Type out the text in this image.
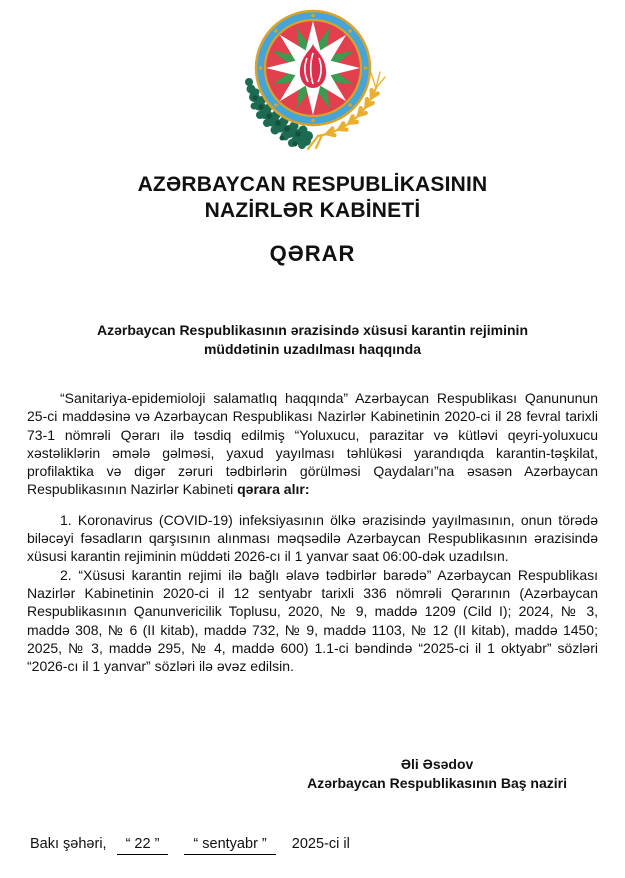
AZƏRBAYCAN RESPUBLİKASININ
NAZİRLƏR KABİNETİ
QƏRAR
Azərbaycan Respublikasının ərazisində xüsusi karantin rejiminin müddətinin uzadılması haqqında

“Sanitariya-epidemioloji salamatlıq haqqında” Azərbaycan Respublikası Qanununun 25-ci maddəsinə və Azərbaycan Respublikası Nazirlər Kabinetinin 2020-ci il 28 fevral tarixli 73-1 nömrəli Qərarı ilə təsdiq edilmiş “Yoluxucu, parazitar və kütləvi qeyri-yoluxucu xəstəliklərin əmələ gəlməsi, yaxud yayılması təhlükəsi yarandıqda karantin-təşkilat, profilaktika və digər zəruri tədbirlərin görülməsi Qaydaları”na əsasən Azərbaycan Respublikasının Nazirlər Kabineti qərara alır:

1. Koronavirus (COVID-19) infeksiyasının ölkə ərazisində yayılmasının, onun törədə biləcəyi fəsadların qarşısının alınması məqsədilə Azərbaycan Respublikasının ərazisində xüsusi karantin rejiminin müddəti 2026-cı il 1 yanvar saat 06:00-dək uzadılsın.

2. “Xüsusi karantin rejimi ilə bağlı əlavə tədbirlər barədə” Azərbaycan Respublikası Nazirlər Kabinetinin 2020-ci il 12 sentyabr tarixli 336 nömrəli Qərarının (Azərbaycan Respublikasının Qanunvericilik Toplusu, 2020, № 9, maddə 1209 (Cild I); 2024, № 3, maddə 308, № 6 (II kitab), maddə 732, № 9, maddə 1103, № 12 (II kitab), maddə 1450; 2025, № 3, maddə 295, № 4, maddə 600) 1.1-ci bəndində “2025-ci il 1 oktyabr” sözləri “2026-cı il 1 yanvar” sözləri ilə əvəz edilsin.

Əli Əsədov
Azərbaycan Respublikasının Baş naziri
Bakı şəhəri, “ 22 ” “ sentyabr ” 2025-ci il
